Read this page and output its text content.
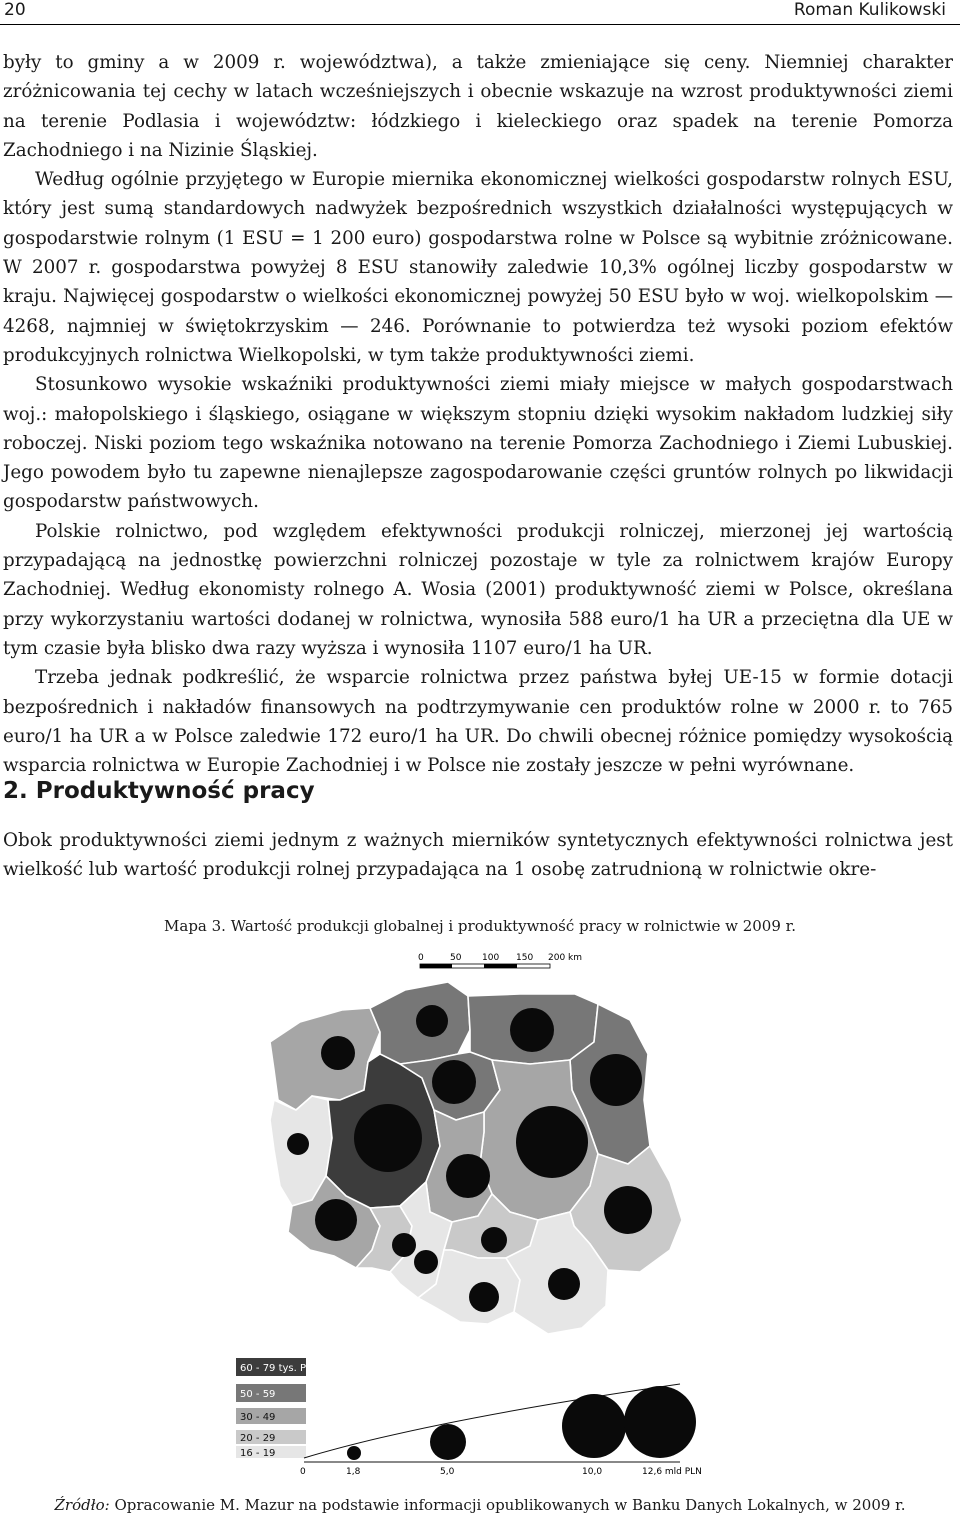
20	Roman Kulikowski

były to gminy a w 2009 r. województwa), a także zmieniające się ceny. Niemniej charakter zróżnicowania tej cechy w latach wcześniejszych i obecnie wskazuje na wzrost produktywności ziemi na terenie Podlasia i województw: łódzkiego i kieleckiego oraz spadek na terenie Pomorza Zachodniego i na Nizinie Śląskiej.

Według ogólnie przyjętego w Europie miernika ekonomicznej wielkości gospodarstw rolnych ESU, który jest sumą standardowych nadwyżek bezpośrednich wszystkich działalności występujących w gospodarstwie rolnym (1 ESU = 1 200 euro) gospodarstwa rolne w Polsce są wybitnie zróżnicowane. W 2007 r. gospodarstwa powyżej 8 ESU stanowiły zaledwie 10,3% ogólnej liczby gospodarstw w kraju. Najwięcej gospodarstw o wielkości ekonomicznej powyżej 50 ESU było w woj. wielkopolskim — 4268, najmniej w świętokrzyskim — 246. Porównanie to potwierdza też wysoki poziom efektów produkcyjnych rolnictwa Wielkopolski, w tym także produktywności ziemi.

Stosunkowo wysokie wskaźniki produktywności ziemi miały miejsce w małych gospodarstwach woj.: małopolskiego i śląskiego, osiągane w większym stopniu dzięki wysokim nakładom ludzkiej siły roboczej. Niski poziom tego wskaźnika notowano na terenie Pomorza Zachodniego i Ziemi Lubuskiej. Jego powodem było tu zapewne nienajlepsze zagospodarowanie części gruntów rolnych po likwidacji gospodarstw państwowych.

Polskie rolnictwo, pod względem efektywności produkcji rolniczej, mierzonej jej wartością przypadającą na jednostkę powierzchni rolniczej pozostaje w tyle za rolnictwem krajów Europy Zachodniej. Według ekonomisty rolnego A. Wosia (2001) produktywność ziemi w Polsce, określana przy wykorzystaniu wartości dodanej w rolnictwa, wynosiła 588 euro/1 ha UR a przeciętna dla UE w tym czasie była blisko dwa razy wyższa i wynosiła 1107 euro/1 ha UR.

Trzeba jednak podkreślić, że wsparcie rolnictwa przez państwa byłej UE-15 w formie dotacji bezpośrednich i nakładów finansowych na podtrzymywanie cen produktów rolne w 2000 r. to 765 euro/1 ha UR a w Polsce zaledwie 172 euro/1 ha UR. Do chwili obecnej różnice pomiędzy wysokością wsparcia rolnictwa w Europie Zachodniej i w Polsce nie zostały jeszcze w pełni wyrównane.

2. Produktywność pracy

Obok produktywności ziemi jednym z ważnych mierników syntetycznych efektywności rolnictwa jest wielkość lub wartość produkcji rolnej przypadająca na 1 osobę zatrudnioną w rolnictwie okre-

Mapa 3. Wartość produkcji globalnej i produktywność pracy w rolnictwie w 2009 r.
0	50 100 150 200 km
60 - 79 tys. PLN
50 - 59
30 - 49
20 - 29
16 - 19
0	1,8	5,0	10,0	12,6 mld PLN
Źródło: Opracowanie M. Mazur na podstawie informacji opublikowanych w Banku Danych Lokalnych, w 2009 r.
